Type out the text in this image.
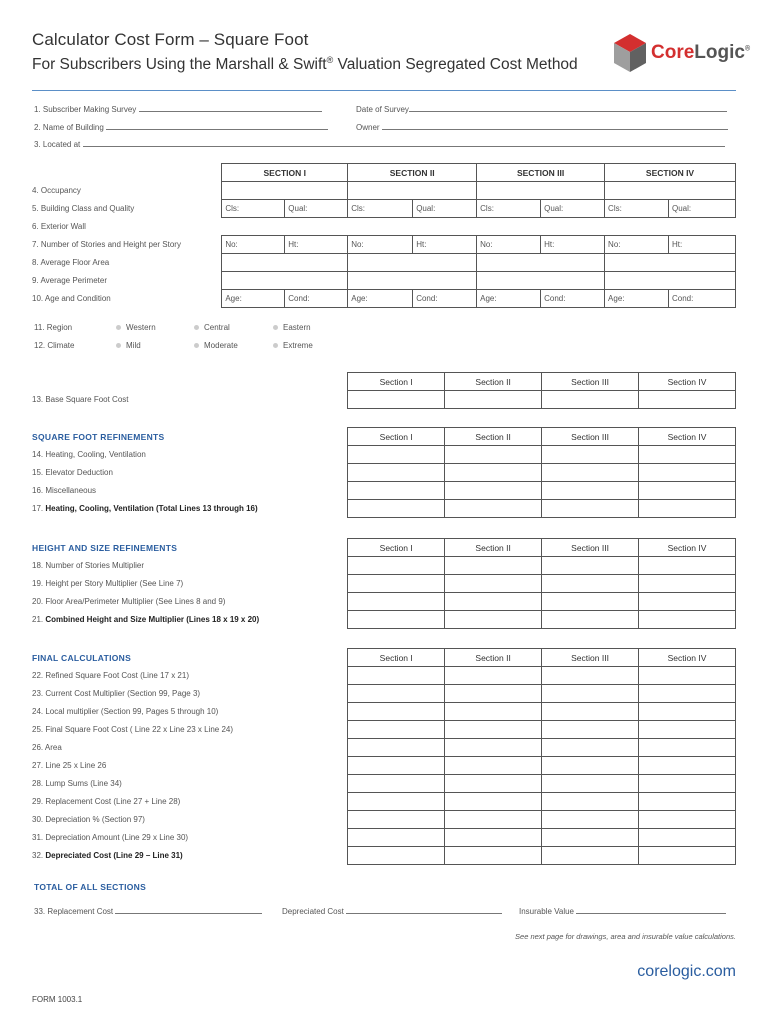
Calculator Cost Form – Square Foot
For Subscribers Using the Marshall & Swift® Valuation Segregated Cost Method
CoreLogic®
1. Subscriber Making Survey	Date of Survey
2. Name of Building	Owner
3. Located at
	SECTION I		SECTION II		SECTION III		SECTION IV	
4. Occupancy								
5. Building Class and Quality	Cls:	Qual:	Cls:	Qual:	Cls:	Qual:	Cls:	Qual:
6. Exterior Wall								
7. Number of Stories and Height per Story	No:	Ht:	No:	Ht:	No:	Ht:	No:	Ht:
8. Average Floor Area								
9. Average Perimeter								
10. Age and Condition	Age:	Cond:	Age:	Cond:	Age:	Cond:	Age:	Cond:
11. Region	Western	Central	Eastern
12. Climate	Mild	Moderate	Extreme
	Section I	Section II	Section III	Section IV
13. Base Square Foot Cost				
SQUARE FOOT REFINEMENTS	Section I	Section II	Section III	Section IV
14. Heating, Cooling, Ventilation				
15. Elevator Deduction				
16. Miscellaneous				
17. Heating, Cooling, Ventilation (Total Lines 13 through 16)				
HEIGHT AND SIZE REFINEMENTS	Section I	Section II	Section III	Section IV
18. Number of Stories Multiplier				
19. Height per Story Multiplier (See Line 7)				
20. Floor Area/Perimeter Multiplier (See Lines 8 and 9)				
21. Combined Height and Size Multiplier (Lines 18 x 19 x 20)				
FINAL CALCULATIONS	Section I	Section II	Section III	Section IV
22. Refined Square Foot Cost (Line 17 x 21)				
23. Current Cost Multiplier (Section 99, Page 3)				
24. Local multiplier (Section 99, Pages 5 through 10)				
25. Final Square Foot Cost ( Line 22 x Line 23 x Line 24)				
26. Area				
27. Line 25 x Line 26				
28. Lump Sums (Line 34)				
29. Replacement Cost (Line 27 + Line 28)				
30. Depreciation % (Section 97)				
31. Depreciation Amount (Line 29 x Line 30)				
32. Depreciated Cost (Line 29 – Line 31)				
TOTAL OF ALL SECTIONS
33. Replacement Cost	Depreciated Cost	Insurable Value
See next page for drawings, area and insurable value calculations.
corelogic.com
FORM 1003.1
